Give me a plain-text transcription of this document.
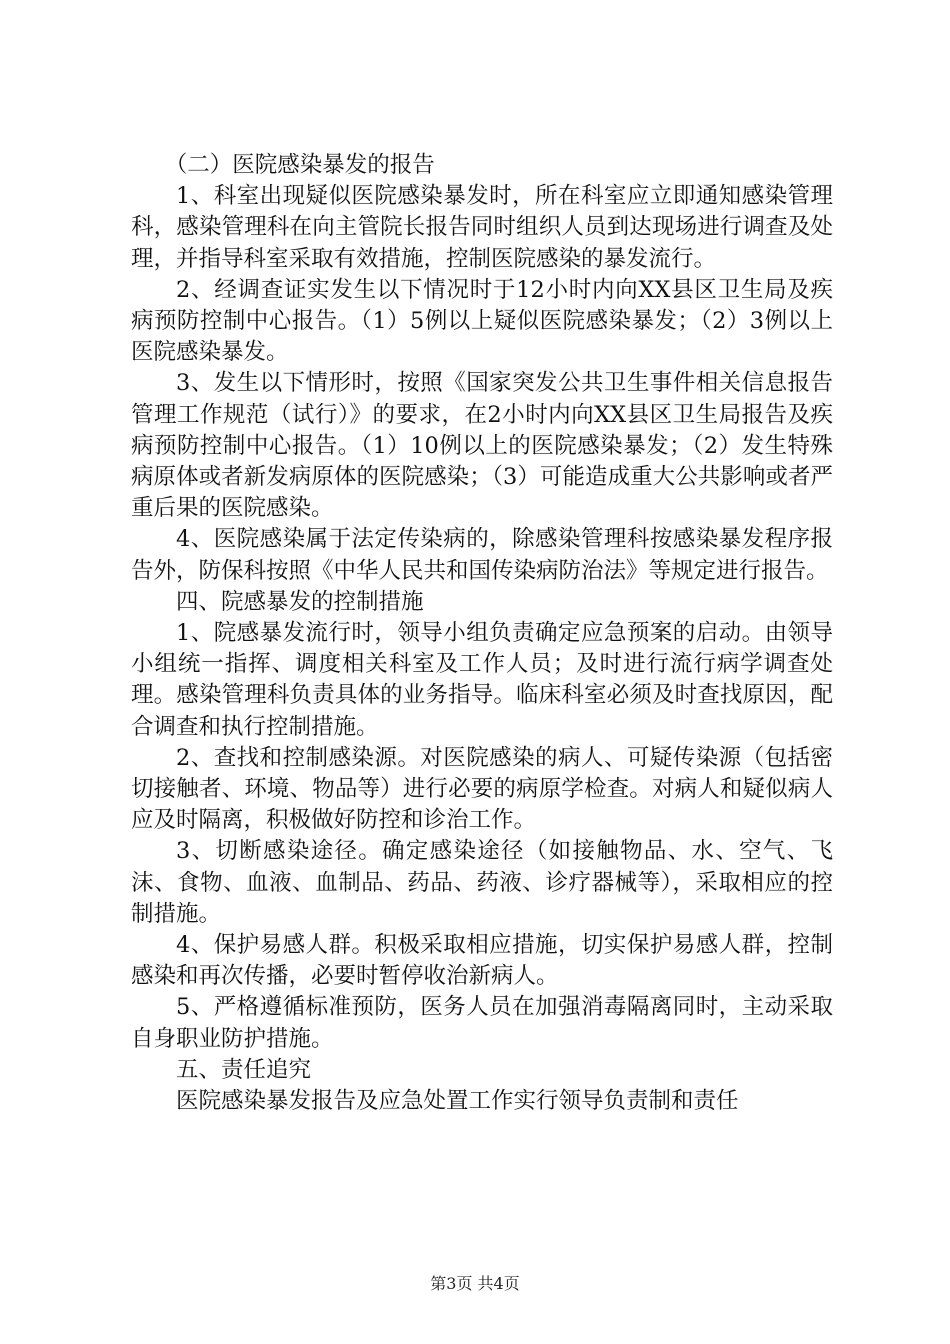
（二）医院感染暴发的报告

1、科室出现疑似医院感染暴发时，所在科室应立即通知感染管理科，感染管理科在向主管院长报告同时组织人员到达现场进行调查及处理，并指导科室采取有效措施，控制医院感染的暴发流行。

2、经调查证实发生以下情况时于12小时内向XX县区卫生局及疾病预防控制中心报告。（1）5例以上疑似医院感染暴发；（2）3例以上医院感染暴发。

3、发生以下情形时，按照《国家突发公共卫生事件相关信息报告管理工作规范（试行）》的要求，在2小时内向XX县区卫生局报告及疾病预防控制中心报告。（1）10例以上的医院感染暴发；（2）发生特殊病原体或者新发病原体的医院感染；（3）可能造成重大公共影响或者严重后果的医院感染。

4、医院感染属于法定传染病的，除感染管理科按感染暴发程序报告外，防保科按照《中华人民共和国传染病防治法》等规定进行报告。

四、院感暴发的控制措施

1、院感暴发流行时，领导小组负责确定应急预案的启动。由领导小组统一指挥、调度相关科室及工作人员；及时进行流行病学调查处理。感染管理科负责具体的业务指导。临床科室必须及时查找原因，配合调查和执行控制措施。

2、查找和控制感染源。对医院感染的病人、可疑传染源（包括密切接触者、环境、物品等）进行必要的病原学检查。对病人和疑似病人应及时隔离，积极做好防控和诊治工作。

3、切断感染途径。确定感染途径（如接触物品、水、空气、飞沫、食物、血液、血制品、药品、药液、诊疗器械等），采取相应的控制措施。

4、保护易感人群。积极采取相应措施，切实保护易感人群，控制感染和再次传播，必要时暂停收治新病人。

5、严格遵循标准预防，医务人员在加强消毒隔离同时，主动采取自身职业防护措施。

五、责任追究

医院感染暴发报告及应急处置工作实行领导负责制和责任

第3页 共4页
